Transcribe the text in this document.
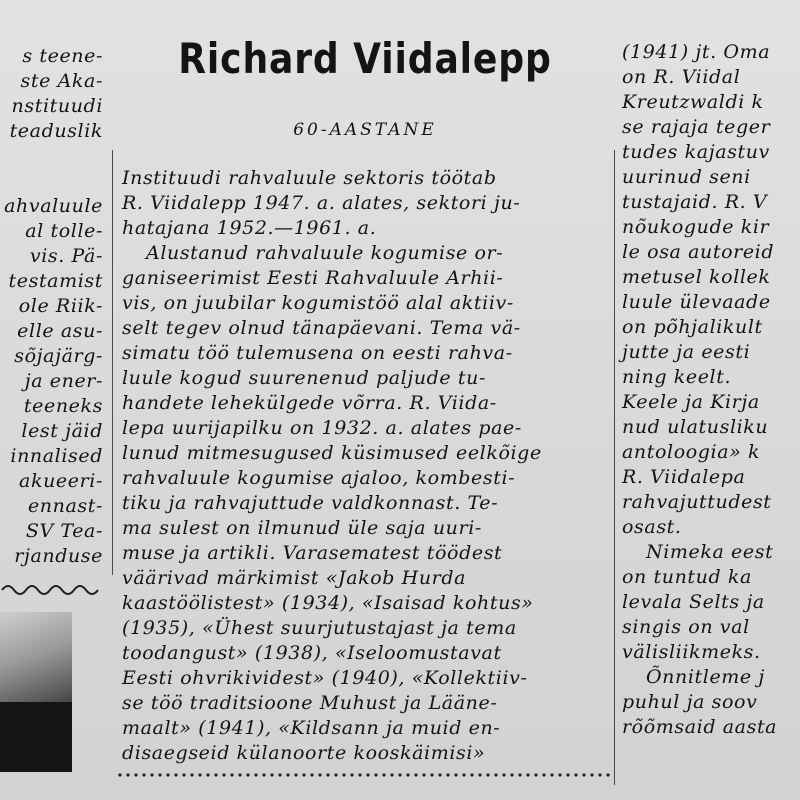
s teene-
ste Aka-
nstituudi
teaduslik

ahvaluule
al tolle-
vis. Pä-
testamist
ole Riik-
elle asu-
sõjajärg-
ja ener-
teeneks
lest jäid
innalised
akueeri-
ennast-
SV Tea-
rjanduse
Richard Viidalepp
60-AASTANE
Instituudi rahvaluule sektoris töötab
R. Viidalepp 1947. a. alates, sektori ju-
hatajana 1952.—1961. a.
Alustanud rahvaluule kogumise or-
ganiseerimist Eesti Rahvaluule Arhii-
vis, on juubilar kogumistöö alal aktiiv-
selt tegev olnud tänapäevani. Tema vä-
simatu töö tulemusena on eesti rahva-
luule kogud suurenenud paljude tu-
handete lehekülgede võrra. R. Viida-
lepa uurijapilku on 1932. a. alates pae-
lunud mitmesugused küsimused eelkõige
rahvaluule kogumise ajaloo, kombesti-
tiku ja rahvajuttude valdkonnast. Te-
ma sulest on ilmunud üle saja uuri-
muse ja artikli. Varasematest töödest
väärivad märkimist «Jakob Hurda
kaastöölistest» (1934), «Isaisad kohtus»
(1935), «Ühest suurjutustajast ja tema
toodangust» (1938), «Iseloomustavat
Eesti ohvrikividest» (1940), «Kollektiiv-
se töö traditsioone Muhust ja Lääne-
maalt» (1941), «Kildsann ja muid en-
disaegseid külanoorte kooskäimisi»
(1941) jt. Oma
on R. Viidal
Kreutzwaldi k
se rajaja teger
tudes kajastuv
uurinud seni
tustajaid. R. V
nõukogude kir
le osa autoreid
metusel kollek
luule ülevaade
on põhjalikult
jutte ja eesti
ning keelt.
Keele ja Kirja
nud ulatusliku
antoloogia» k
R. Viidalepa
rahvajuttudest
osast.
Nimeka eest
on tuntud ka
levala Selts ja
singis on val
välisliikmeks.
Õnnitleme j
puhul ja soov
rõõmsaid aasta
